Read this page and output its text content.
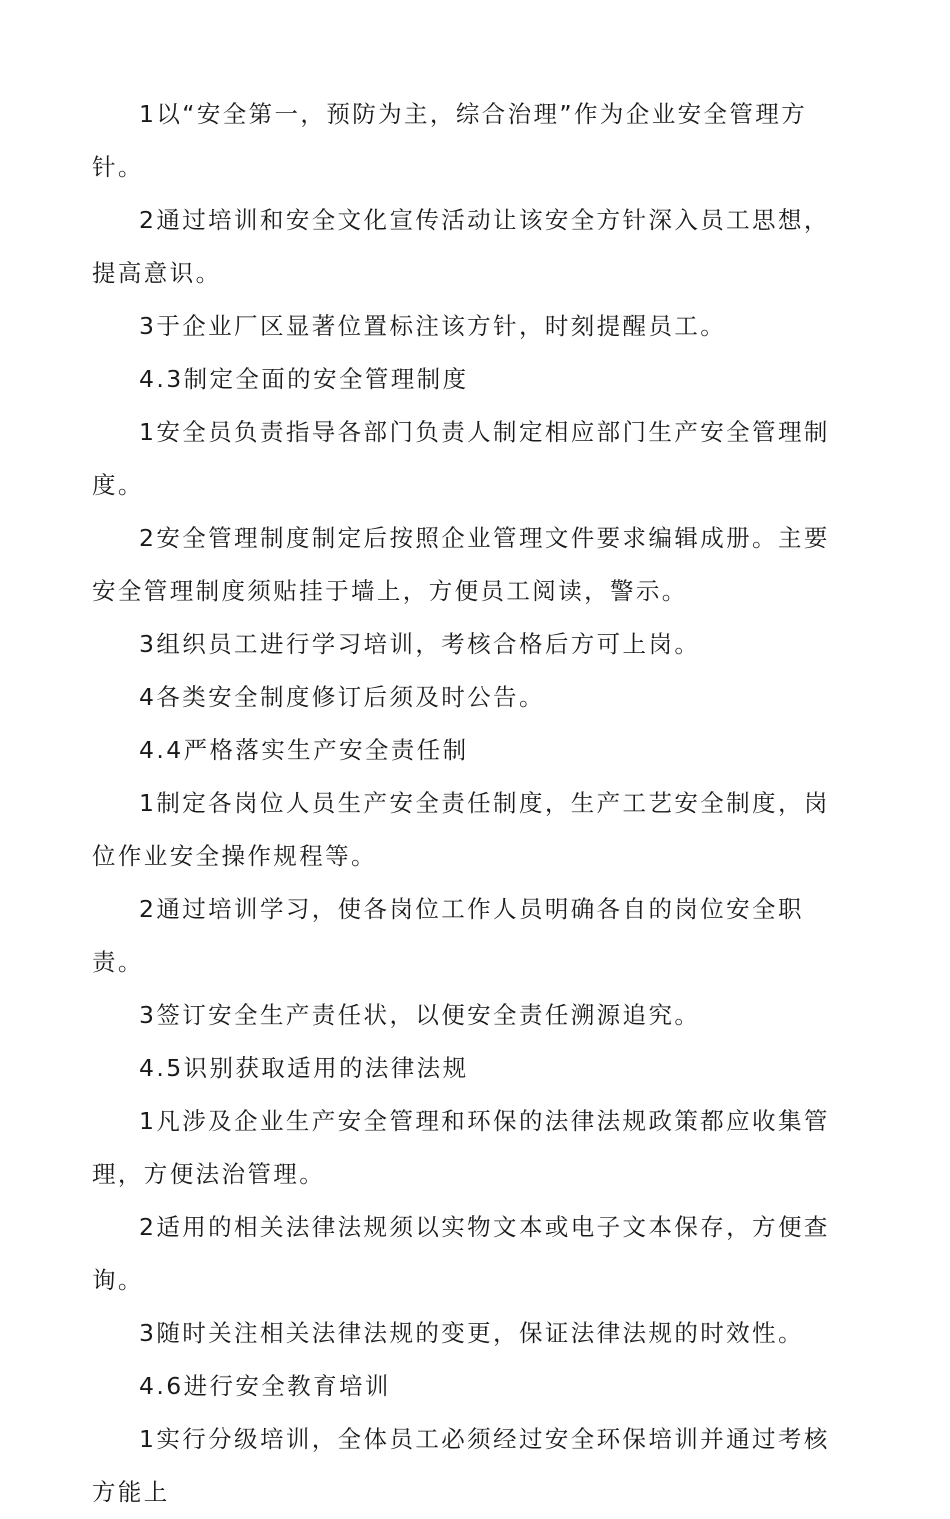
1以“安全第一，预防为主，综合治理”作为企业安全管理方针。

2通过培训和安全文化宣传活动让该安全方针深入员工思想，提高意识。

3于企业厂区显著位置标注该方针，时刻提醒员工。

4.3制定全面的安全管理制度

1安全员负责指导各部门负责人制定相应部门生产安全管理制度。

2安全管理制度制定后按照企业管理文件要求编辑成册。主要安全管理制度须贴挂于墙上，方便员工阅读，警示。

3组织员工进行学习培训，考核合格后方可上岗。

4各类安全制度修订后须及时公告。

4.4严格落实生产安全责任制

1制定各岗位人员生产安全责任制度，生产工艺安全制度，岗位作业安全操作规程等。

2通过培训学习，使各岗位工作人员明确各自的岗位安全职责。

3签订安全生产责任状，以便安全责任溯源追究。

4.5识别获取适用的法律法规

1凡涉及企业生产安全管理和环保的法律法规政策都应收集管理，方便法治管理。

2适用的相关法律法规须以实物文本或电子文本保存，方便查询。

3随时关注相关法律法规的变更，保证法律法规的时效性。

4.6进行安全教育培训

1实行分级培训，全体员工必须经过安全环保培训并通过考核方能上
